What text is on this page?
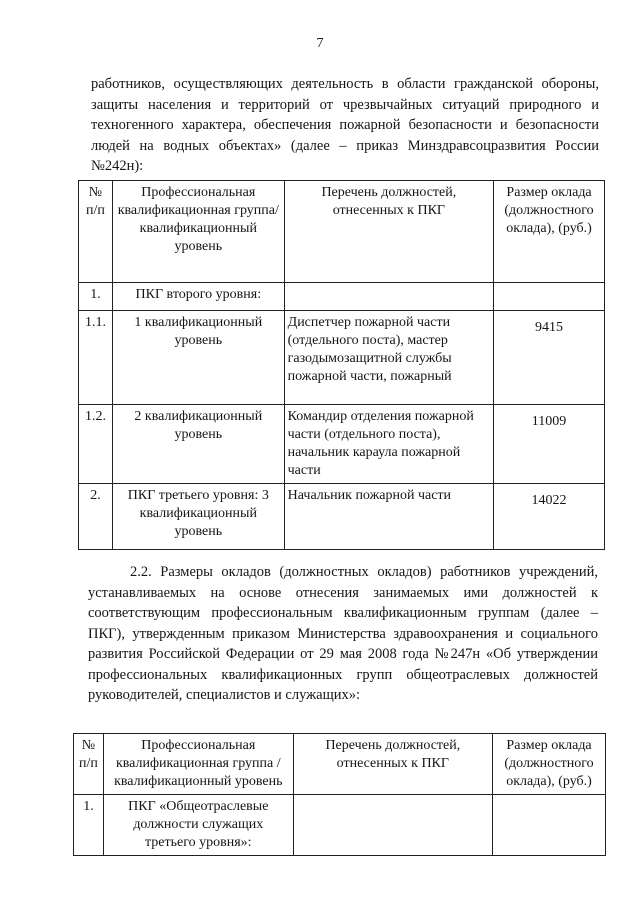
7

работников, осуществляющих деятельность в области гражданской обороны, защиты населения и территорий от чрезвычайных ситуаций природного и техногенного характера, обеспечения пожарной безопасности и безопасности людей на водных объектах» (далее – приказ Минздравсоцразвития России №242н):

№ п/п	Профессиональная квалификационная группа/ квалификационный уровень	Перечень должностей, отнесенных к ПКГ	Размер оклада (должностного оклада), (руб.)
1.	ПКГ второго уровня:		
1.1.	1 квалификационный уровень	Диспетчер пожарной части (отдельного поста), мастер газодымозащитной службы пожарной части, пожарный	9415
1.2.	2 квалификационный уровень	Командир отделения пожарной части (отдельного поста), начальник караула пожарной части	11009
2.	ПКГ третьего уровня: 3 квалификационный уровень	Начальник пожарной части	14022

2.2. Размеры окладов (должностных окладов) работников учреждений, устанавливаемых на основе отнесения занимаемых ими должностей к соответствующим профессиональным квалификационным группам (далее – ПКГ), утвержденным приказом Министерства здравоохранения и социального развития Российской Федерации от 29 мая 2008 года №247н «Об утверждении профессиональных квалификационных групп общеотраслевых должностей руководителей, специалистов и служащих»:

№ п/п	Профессиональная квалификационная группа / квалификационный уровень	Перечень должностей, отнесенных к ПКГ	Размер оклада (должностного оклада), (руб.)
1.	ПКГ «Общеотраслевые должности служащих третьего уровня»:		
